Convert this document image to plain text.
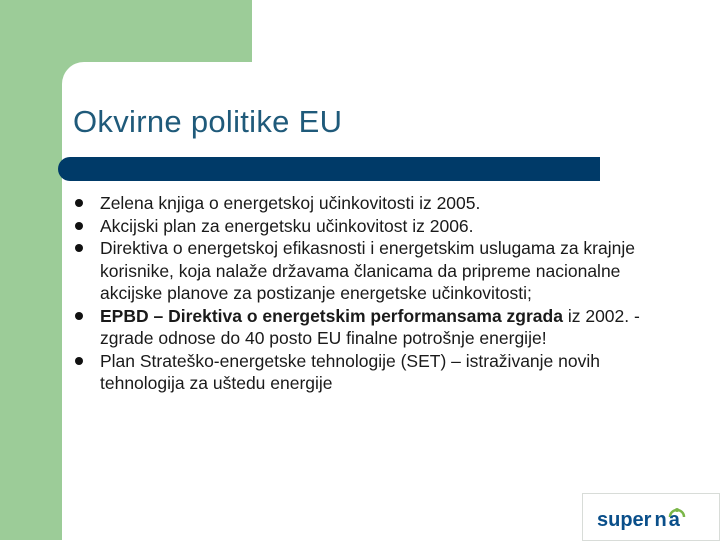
Okvirne politike EU
Zelena knjiga o energetskoj učinkovitosti iz 2005.
Akcijski plan za energetsku učinkovitost iz 2006.
Direktiva o energetskoj efikasnosti i energetskim uslugama za krajnje korisnike, koja nalaže državama članicama da pripreme nacionalne akcijske planove za postizanje energetske učinkovitosti;
EPBD – Direktiva o energetskim performansama zgrada iz 2002. - zgrade odnose do 40 posto EU finalne potrošnje energije!
Plan Strateško-energetske tehnologije (SET) – istraživanje novih tehnologija za uštedu energije
super n a
